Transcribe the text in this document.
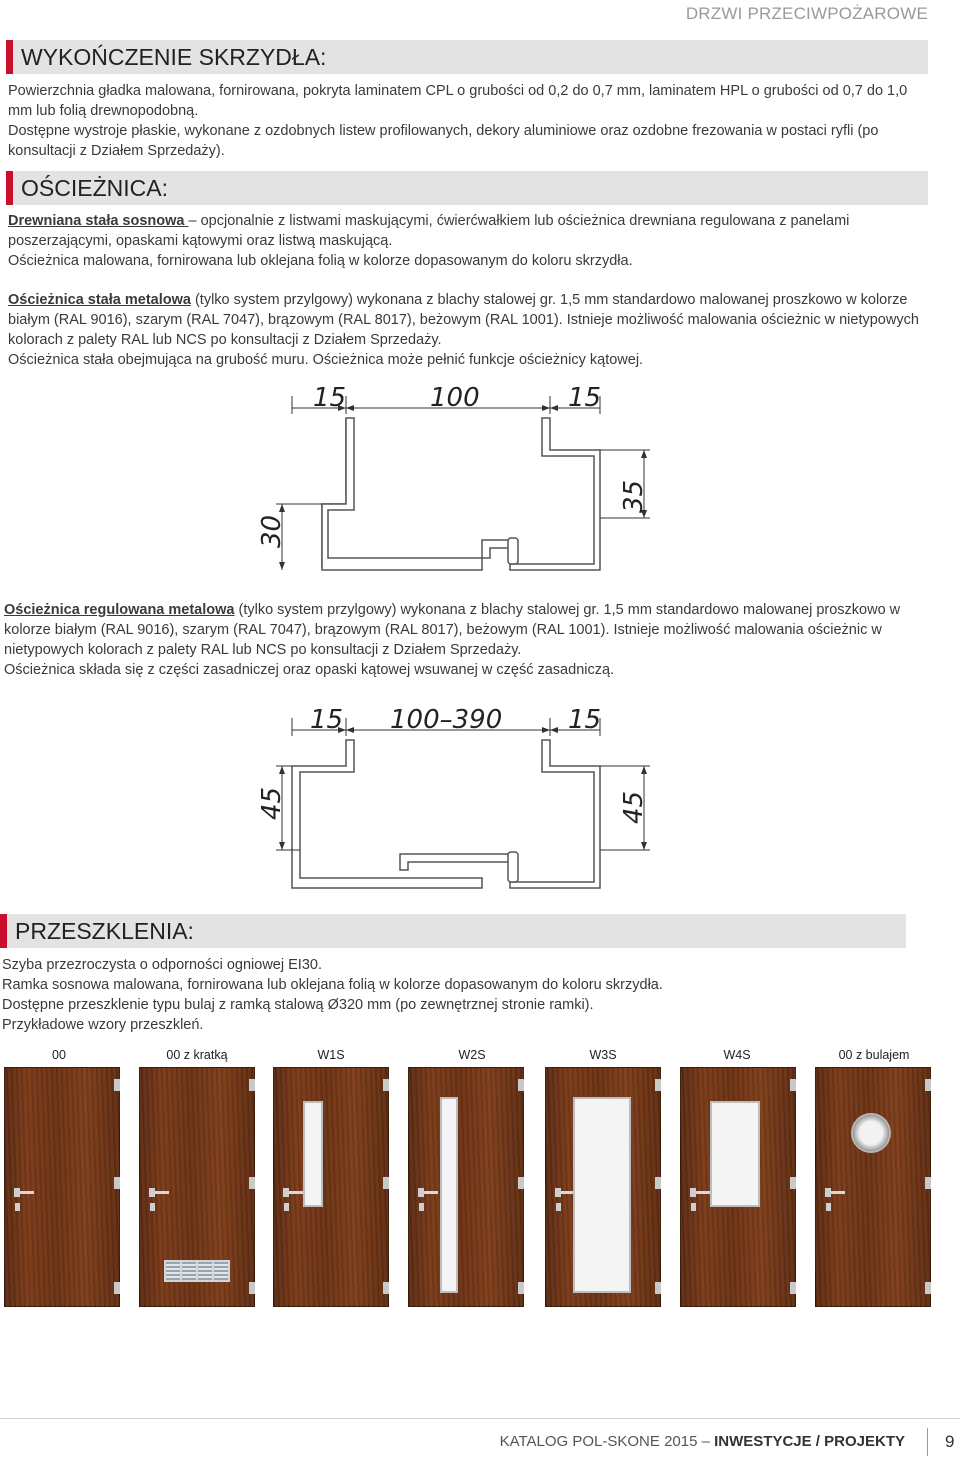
DRZWI PRZECIWPOŻAROWE
WYKOŃCZENIE SKRZYDŁA:

Powierzchnia gładka malowana, fornirowana, pokryta laminatem CPL o grubości od 0,2 do 0,7 mm, laminatem HPL o grubości od 0,7 do 1,0 mm lub folią drewnopodobną.

Dostępne wystroje płaskie, wykonane z ozdobnych listew profilowanych, dekory aluminiowe oraz ozdobne frezowania w postaci ryfli (po konsultacji z Działem Sprzedaży).

OŚCIEŻNICA:

Drewniana stała sosnowa – opcjonalnie z listwami maskującymi, ćwierćwałkiem lub ościeżnica drewniana regulowana z panelami poszerzającymi, opaskami kątowymi oraz listwą maskującą.

Ościeżnica malowana, fornirowana lub oklejana folią w kolorze dopasowanym do koloru skrzydła.

Ościeżnica stała metalowa (tylko system przylgowy) wykonana z blachy stalowej gr. 1,5 mm standardowo malowanej proszkowo w kolorze białym (RAL 9016), szarym (RAL 7047), brązowym (RAL 8017), beżowym (RAL 1001). Istnieje możliwość malowania ościeżnic w nietypowych kolorach z palety RAL lub NCS po konsultacji z Działem Sprzedaży.

Ościeżnica stała obejmująca na grubość muru. Ościeżnica może pełnić funkcje ościeżnicy kątowej.

15	100	15
30
35

Ościeżnica regulowana metalowa (tylko system przylgowy) wykonana z blachy stalowej gr. 1,5 mm standardowo malowanej proszkowo w kolorze białym (RAL 9016), szarym (RAL 7047), brązowym (RAL 8017), beżowym (RAL 1001). Istnieje możliwość malowania ościeżnic w nietypowych kolorach z palety RAL lub NCS po konsultacji z Działem Sprzedaży.

Ościeżnica składa się z części zasadniczej oraz opaski kątowej wsuwanej w część zasadniczą.

15 100–390	15
45	45
PRZESZKLENIA:

Szyba przezroczysta o odporności ogniowej EI30.

Ramka sosnowa malowana, fornirowana lub oklejana folią w kolorze dopasowanym do koloru skrzydła.

Dostępne przeszklenie typu bulaj z ramką stalową Ø320 mm (po zewnętrznej stronie ramki).

Przykładowe wzory przeszkleń.

00	00 z kratką	W1S	W2S	W3S	W4S	00 z bulajem
KATALOG POL-SKONE 2015 – INWESTYCJE / PROJEKTY 9
